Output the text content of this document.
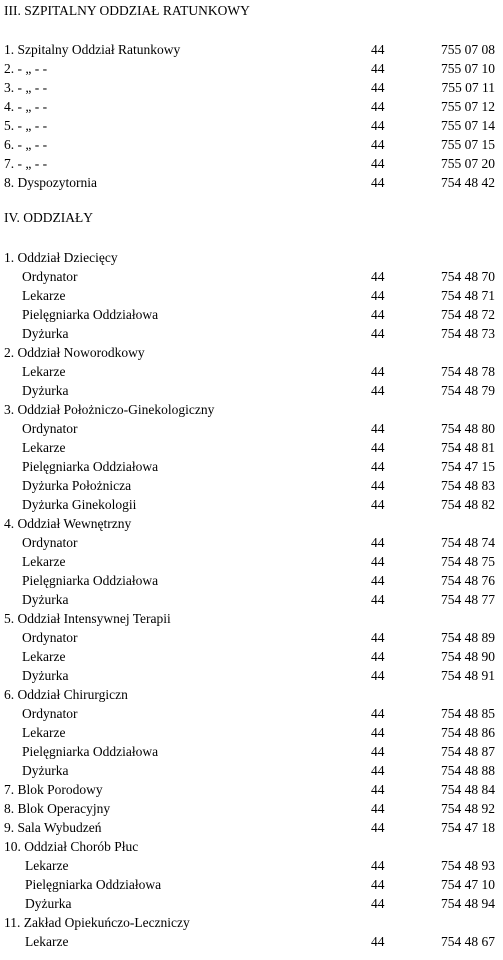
III. SZPITALNY ODDZIAŁ RATUNKOWY
1. Szpitalny Oddział Ratunkowy	44	755 07 08
2. - „ - -	44	755 07 10
3. - „ - -	44	755 07 11
4. - „ - -	44	755 07 12
5. - „ - -	44	755 07 14
6. - „ - -	44	755 07 15
7. - „ - -	44	755 07 20
8. Dyspozytornia	44	754 48 42
IV. ODDZIAŁY
1. Oddział Dziecięcy
Ordynator	44	754 48 70
Lekarze	44	754 48 71
Pielęgniarka Oddziałowa	44	754 48 72
Dyżurka	44	754 48 73
2. Oddział Noworodkowy
Lekarze	44	754 48 78
Dyżurka	44	754 48 79
3. Oddział Położniczo-Ginekologiczny
Ordynator	44	754 48 80
Lekarze	44	754 48 81
Pielęgniarka Oddziałowa	44	754 47 15
Dyżurka Położnicza	44	754 48 83
Dyżurka Ginekologii	44	754 48 82
4. Oddział Wewnętrzny
Ordynator	44	754 48 74
Lekarze	44	754 48 75
Pielęgniarka Oddziałowa	44	754 48 76
Dyżurka	44	754 48 77
5. Oddział Intensywnej Terapii
Ordynator	44	754 48 89
Lekarze	44	754 48 90
Dyżurka	44	754 48 91
6. Oddział Chirurgiczn
Ordynator	44	754 48 85
Lekarze	44	754 48 86
Pielęgniarka Oddziałowa	44	754 48 87
Dyżurka	44	754 48 88
7. Blok Porodowy	44	754 48 84
8. Blok Operacyjny	44	754 48 92
9. Sala Wybudzeń	44	754 47 18
10. Oddział Chorób Płuc
Lekarze	44	754 48 93
Pielęgniarka Oddziałowa	44	754 47 10
Dyżurka	44	754 48 94
11. Zakład Opiekuńczo-Leczniczy
Lekarze	44	754 48 67
